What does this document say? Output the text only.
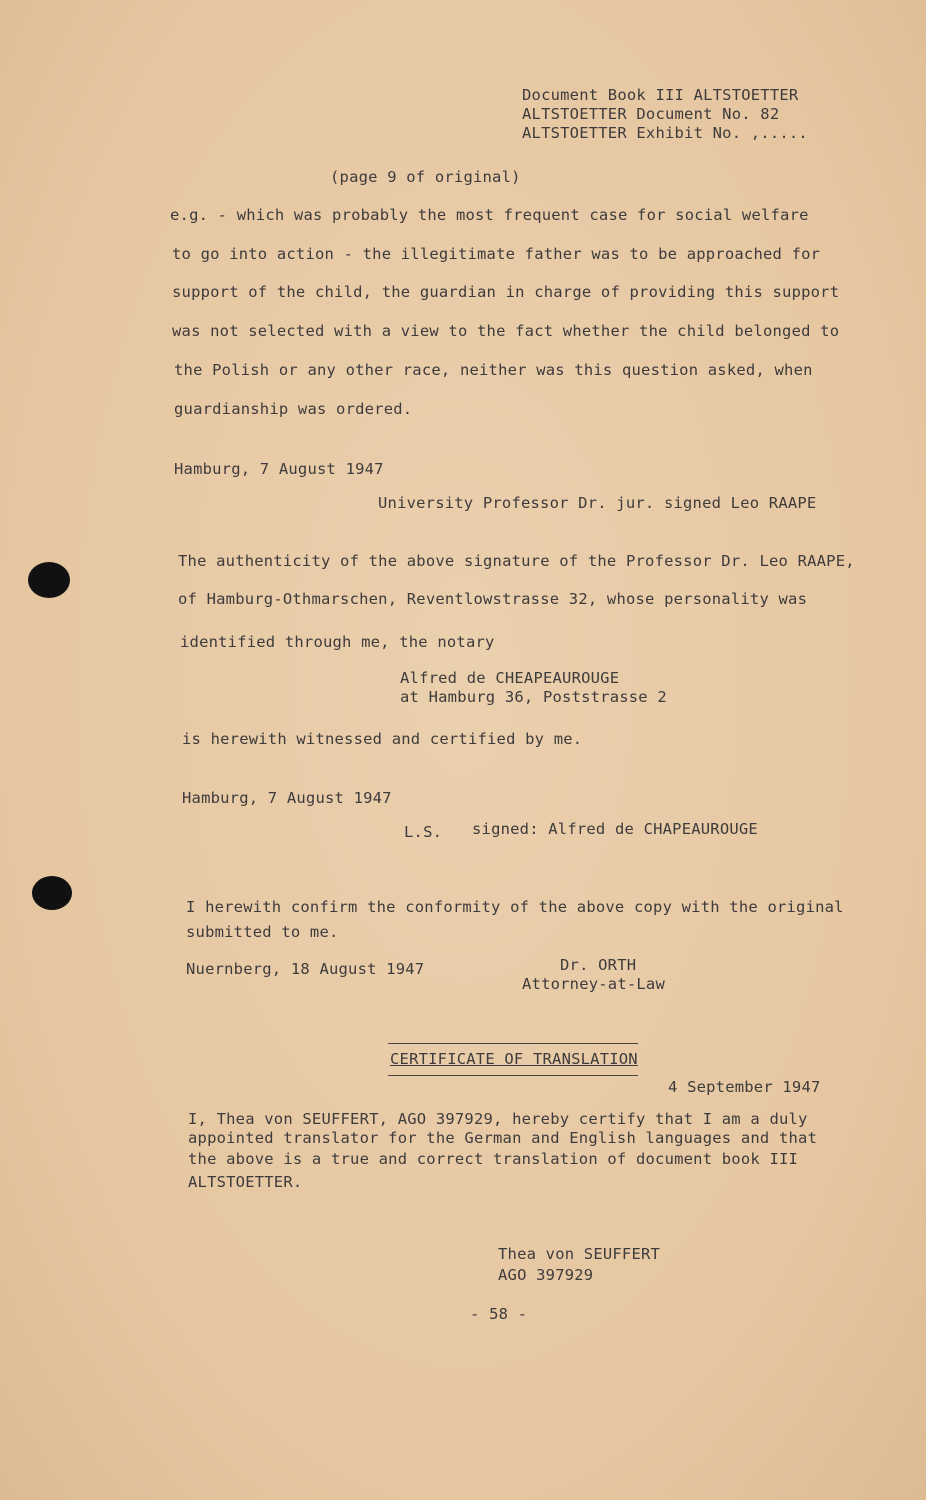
Document Book III ALTSTOETTER
ALTSTOETTER Document No. 82
ALTSTOETTER Exhibit No. ,.....
(page 9 of original)
e.g. - which was probably the most frequent case for social welfare
to go into action - the illegitimate father was to be approached for
support of the child, the guardian in charge of providing this support
was not selected with a view to the fact whether the child belonged to
the Polish or any other race, neither was this question asked, when
guardianship was ordered.
Hamburg, 7 August 1947
University Professor Dr. jur. signed Leo RAAPE
The authenticity of the above signature of the Professor Dr. Leo RAAPE,
of Hamburg-Othmarschen, Reventlowstrasse 32, whose personality was
identified through me, the notary
Alfred de CHEAPEAUROUGE
at Hamburg 36, Poststrasse 2
is herewith witnessed and certified by me.
Hamburg, 7 August 1947
L.S. signed: Alfred de CHAPEAUROUGE
I herewith confirm the conformity of the above copy with the original
submitted to me.
Nuernberg, 18 August 1947	Dr. ORTH
Attorney-at-Law
CERTIFICATE OF TRANSLATION
4 September 1947
I, Thea von SEUFFERT, AGO 397929, hereby certify that I am a duly
appointed translator for the German and English languages and that
the above is a true and correct translation of document book III
ALTSTOETTER.
Thea von SEUFFERT
AGO 397929
- 58 -
